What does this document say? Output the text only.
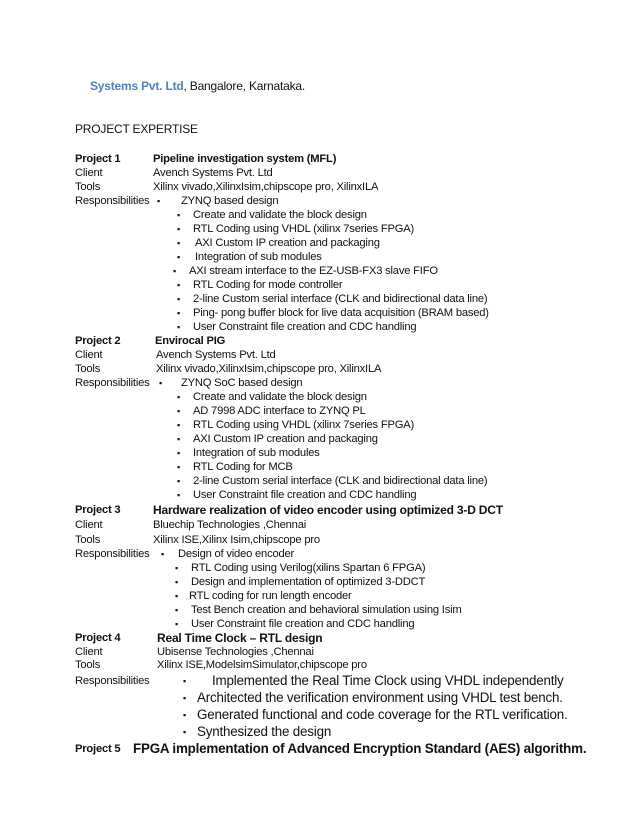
Systems Pvt. Ltd, Bangalore, Karnataka.
PROJECT EXPERTISE
Project 1	Pipeline investigation system (MFL)
Client	Avench Systems Pvt. Ltd
Tools	Xilinx vivado,XilinxIsim,chipscope pro, XilinxILA
Responsibilities ▪ ZYNQ based design
▪ Create and validate the block design
▪ RTL Coding using VHDL (xilinx 7series FPGA)
▪ AXI Custom IP creation and packaging
▪ Integration of sub modules
▪ AXI stream interface to the EZ-USB-FX3 slave FIFO
▪ RTL Coding for mode controller
▪ 2-line Custom serial interface (CLK and bidirectional data line)
▪ Ping- pong buffer block for live data acquisition (BRAM based)
▪ User Constraint file creation and CDC handling
Project 2	Envirocal PIG
Client	Avench Systems Pvt. Ltd
Tools	Xilinx vivado,XilinxIsim,chipscope pro, XilinxILA
Responsibilities ▪ ZYNQ SoC based design
▪ Create and validate the block design
▪ AD 7998 ADC interface to ZYNQ PL
▪ RTL Coding using VHDL (xilinx 7series FPGA)
▪ AXI Custom IP creation and packaging
▪ Integration of sub modules
▪ RTL Coding for MCB
▪ 2-line Custom serial interface (CLK and bidirectional data line)
▪ User Constraint file creation and CDC handling
Project 3	Hardware realization of video encoder using optimized 3-D DCT
Client	Bluechip Technologies ,Chennai
Tools	Xilinx ISE,Xilinx Isim,chipscope pro
Responsibilities ▪ Design of video encoder
▪ RTL Coding using Verilog(xilins Spartan 6 FPGA)
▪ Design and implementation of optimized 3-DDCT
▪ RTL coding for run length encoder
▪ Test Bench creation and behavioral simulation using Isim
▪ User Constraint file creation and CDC handling
Project 4	Real Time Clock – RTL design
Client	Ubisense Technologies ,Chennai
Tools	Xilinx ISE,ModelsimSimulator,chipscope pro
Responsibilities	▪ Implemented the Real Time Clock using VHDL independently
▪ Architected the verification environment using VHDL test bench.
▪ Generated functional and code coverage for the RTL verification.
▪ Synthesized the design
Project 5 FPGA implementation of Advanced Encryption Standard (AES) algorithm.
